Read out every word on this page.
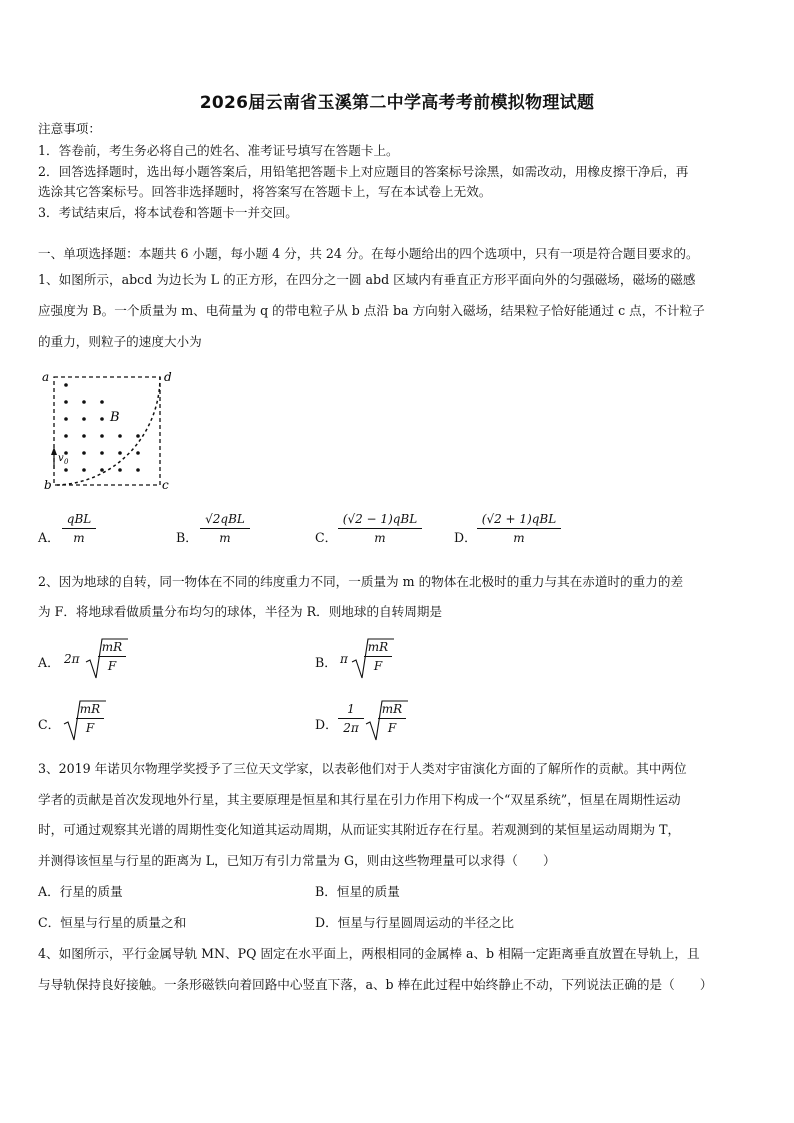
2026届云南省玉溪第二中学高考考前模拟物理试题
注意事项：
1．答卷前，考生务必将自己的姓名、准考证号填写在答题卡上。
2．回答选择题时，选出每小题答案后，用铅笔把答题卡上对应题目的答案标号涂黑，如需改动，用橡皮擦干净后，再
选涂其它答案标号。回答非选择题时，将答案写在答题卡上，写在本试卷上无效。
3．考试结束后，将本试卷和答题卡一并交回。
一、单项选择题：本题共 6 小题，每小题 4 分，共 24 分。在每小题给出的四个选项中，只有一项是符合题目要求的。
1、如图所示，abcd 为边长为 L 的正方形，在四分之一圆 abd 区域内有垂直正方形平面向外的匀强磁场，磁场的磁感
应强度为 B。一个质量为 m、电荷量为 q 的带电粒子从 b 点沿 ba 方向射入磁场，结果粒子恰好能通过 c 点，不计粒子
的重力，则粒子的速度大小为
a	d
b	c
B
v 0
A．
qBL
m	B．
√2qBL
m	C．
(√2 − 1)qBL
m	D．
(√2 + 1)qBL
m
2、因为地球的自转，同一物体在不同的纬度重力不同，一质量为 m 的物体在北极时的重力与其在赤道时的重力的差
为 F．将地球看做质量分布均匀的球体，半径为 R．则地球的自转周期是
A． $2\pi \frac{mR}{F}$	B． π $\frac{mR}{F}$
C． $\frac{mR}{F}$	D． $\frac{1}{2\pi} \frac{mR}{F}$
3、2019 年诺贝尔物理学奖授予了三位天文学家，以表彰他们对于人类对宇宙演化方面的了解所作的贡献。其中两位
学者的贡献是首次发现地外行星，其主要原理是恒星和其行星在引力作用下构成一个“双星系统”，恒星在周期性运动
时，可通过观察其光谱的周期性变化知道其运动周期，从而证实其附近存在行星。若观测到的某恒星运动周期为 T，
并测得该恒星与行星的距离为 L，已知万有引力常量为 G，则由这些物理量可以求得（　　）
A．行星的质量	B．恒星的质量
C．恒星与行星的质量之和	D．恒星与行星圆周运动的半径之比
4、如图所示，平行金属导轨 MN、PQ 固定在水平面上，两根相同的金属棒 a、b 相隔一定距离垂直放置在导轨上，且
与导轨保持良好接触。一条形磁铁向着回路中心竖直下落，a、b 棒在此过程中始终静止不动，下列说法正确的是（　　）
